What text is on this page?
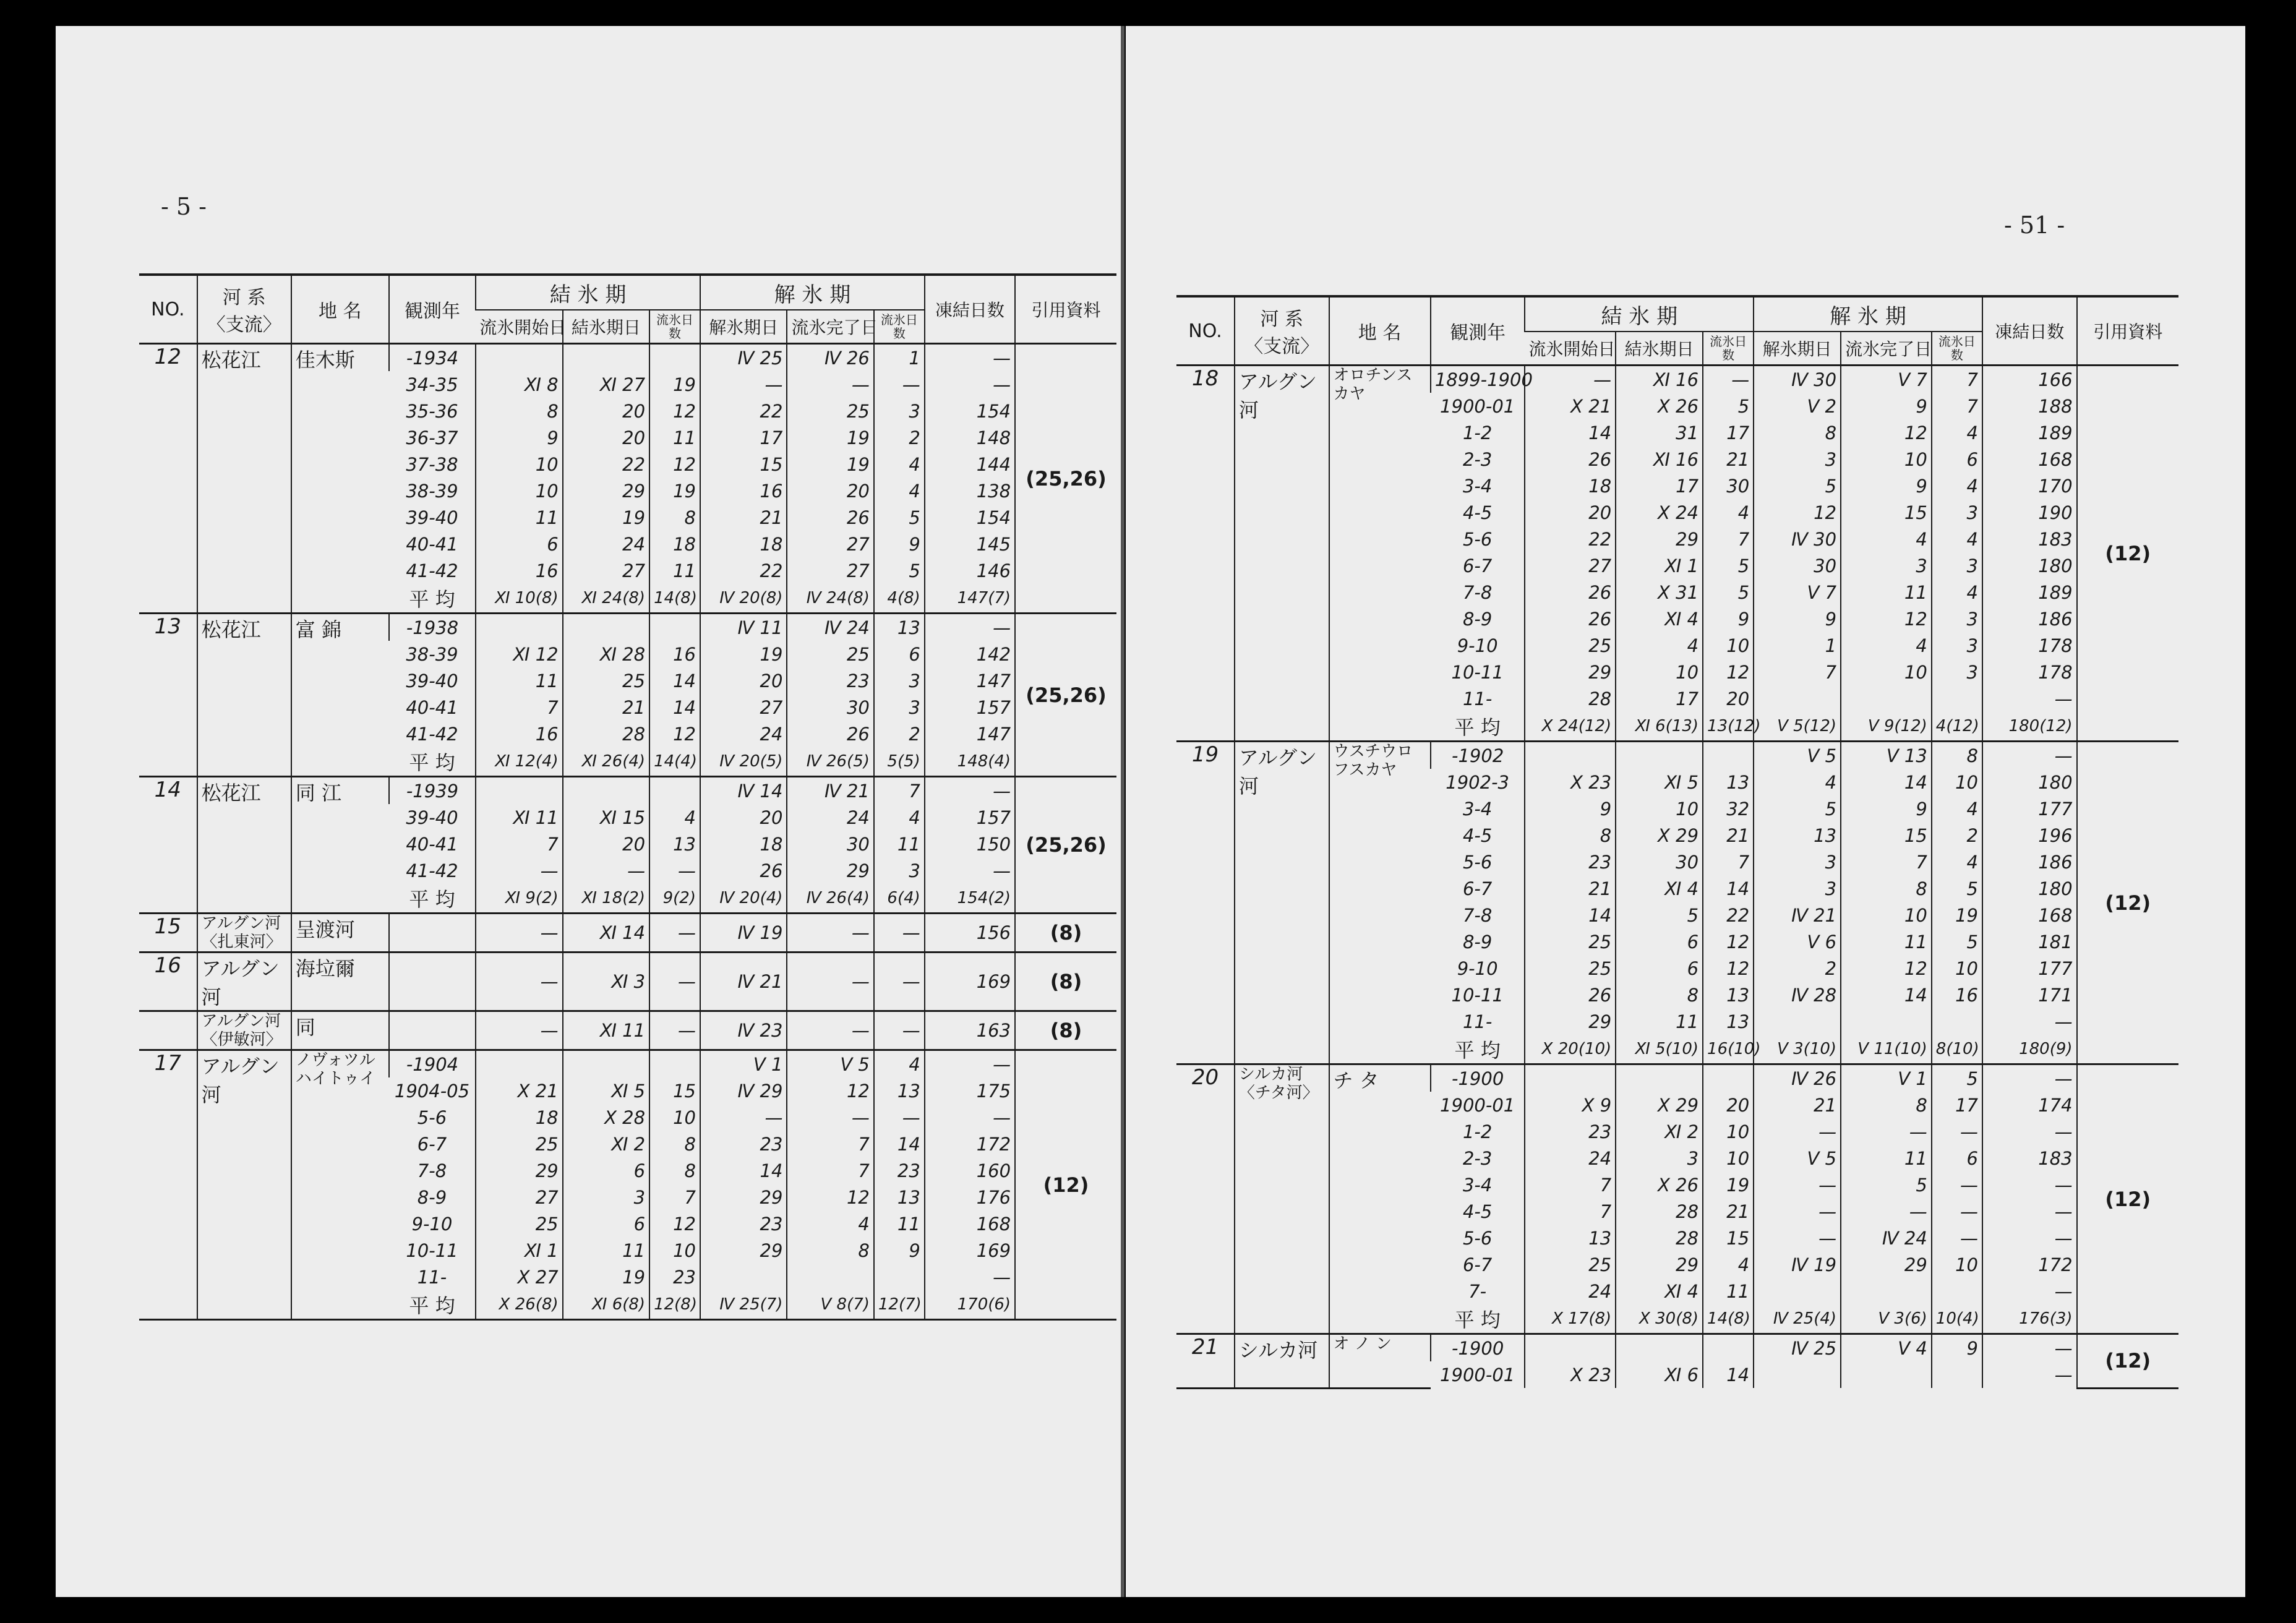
- 5 -
NO.	河 系
〈支流〉	地 名	観測年	結 氷 期			解 氷 期			凍結日数	引用資料
				流氷開始日	結氷期日	流氷日数	解氷期日	流氷完了日	流氷日数		
12	松花江	佳木斯	-1934				Ⅳ 25	Ⅳ 26	1	—	(25,26)
			34-35	Ⅺ 8	Ⅺ 27	19	—	—	—	—	
			35-36	8	20	12	22	25	3	154	
			36-37	9	20	11	17	19	2	148	
			37-38	10	22	12	15	19	4	144	
			38-39	10	29	19	16	20	4	138	
			39-40	11	19	8	21	26	5	154	
			40-41	6	24	18	18	27	9	145	
			41-42	16	27	11	22	27	5	146	
			平 均	Ⅺ 10(8)	Ⅺ 24(8)	14(8)	Ⅳ 20(8)	Ⅳ 24(8)	4(8)	147(7)	
13	松花江	富 錦	-1938				Ⅳ 11	Ⅳ 24	13	—	(25,26)
			38-39	Ⅺ 12	Ⅺ 28	16	19	25	6	142	
			39-40	11	25	14	20	23	3	147	
			40-41	7	21	14	27	30	3	157	
			41-42	16	28	12	24	26	2	147	
			平 均	Ⅺ 12(4)	Ⅺ 26(4)	14(4)	Ⅳ 20(5)	Ⅳ 26(5)	5(5)	148(4)	
14	松花江	同 江	-1939				Ⅳ 14	Ⅳ 21	7	—	(25,26)
			39-40	Ⅺ 11	Ⅺ 15	4	20	24	4	157	
			40-41	7	20	13	18	30	11	150	
			41-42	—	—	—	26	29	3	—	
			平 均	Ⅺ 9(2)	Ⅺ 18(2)	9(2)	Ⅳ 20(4)	Ⅳ 26(4)	6(4)	154(2)	
15	アルグン河
〈扎東河〉	呈渡河		—	Ⅺ 14	—	Ⅳ 19	—	—	156	(8)
16	アルグン河	海垃爾		—	Ⅺ 3	—	Ⅳ 21	—	—	169	(8)
	アルグン河
〈伊敏河〉	同		—	Ⅺ 11	—	Ⅳ 23	—	—	163	(8)
17	アルグン河	ノヴォツルハイトゥイ	-1904				Ⅴ 1	Ⅴ 5	4	—	(12)
			1904-05	Ⅹ 21	Ⅺ 5	15	Ⅳ 29	12	13	175	
			5-6	18	Ⅹ 28	10	—	—	—	—	
			6-7	25	Ⅺ 2	8	23	7	14	172	
			7-8	29	6	8	14	7	23	160	
			8-9	27	3	7	29	12	13	176	
			9-10	25	6	12	23	4	11	168	
			10-11	Ⅺ 1	11	10	29	8	9	169	
			11-	Ⅹ 27	19	23				—	
			平 均	Ⅹ 26(8)	Ⅺ 6(8)	12(8)	Ⅳ 25(7)	Ⅴ 8(7)	12(7)	170(6)	
- 51 -
NO.	河 系
〈支流〉	地 名	観測年	結 氷 期			解 氷 期			凍結日数	引用資料
				流氷開始日	結氷期日	流氷日数	解氷期日	流氷完了日	流氷日数		
18	アルグン河	オロチンスカヤ	1899-1900	—	Ⅺ 16	—	Ⅳ 30	Ⅴ 7	7	166	(12)
			1900-01	Ⅹ 21	Ⅹ 26	5	Ⅴ 2	9	7	188	
			1-2	14	31	17	8	12	4	189	
			2-3	26	Ⅺ 16	21	3	10	6	168	
			3-4	18	17	30	5	9	4	170	
			4-5	20	Ⅹ 24	4	12	15	3	190	
			5-6	22	29	7	Ⅳ 30	4	4	183	
			6-7	27	Ⅺ 1	5	30	3	3	180	
			7-8	26	Ⅹ 31	5	Ⅴ 7	11	4	189	
			8-9	26	Ⅺ 4	9	9	12	3	186	
			9-10	25	4	10	1	4	3	178	
			10-11	29	10	12	7	10	3	178	
			11-	28	17	20				—	
			平 均	Ⅹ 24(12)	Ⅺ 6(13)	13(12)	Ⅴ 5(12)	Ⅴ 9(12)	4(12)	180(12)	
19	アルグン河	ウスチウロフスカヤ	-1902				Ⅴ 5	Ⅴ 13	8	—	(12)
			1902-3	Ⅹ 23	Ⅺ 5	13	4	14	10	180	
			3-4	9	10	32	5	9	4	177	
			4-5	8	Ⅹ 29	21	13	15	2	196	
			5-6	23	30	7	3	7	4	186	
			6-7	21	Ⅺ 4	14	3	8	5	180	
			7-8	14	5	22	Ⅳ 21	10	19	168	
			8-9	25	6	12	Ⅴ 6	11	5	181	
			9-10	25	6	12	2	12	10	177	
			10-11	26	8	13	Ⅳ 28	14	16	171	
			11-	29	11	13				—	
			平 均	Ⅹ 20(10)	Ⅺ 5(10)	16(10)	Ⅴ 3(10)	Ⅴ 11(10)	8(10)	180(9)	
20	シルカ河
〈チタ河〉	チ タ	-1900				Ⅳ 26	Ⅴ 1	5	—	(12)
			1900-01	Ⅹ 9	Ⅹ 29	20	21	8	17	174	
			1-2	23	Ⅺ 2	10	—	—	—	—	
			2-3	24	3	10	Ⅴ 5	11	6	183	
			3-4	7	Ⅹ 26	19	—	5	—	—	
			4-5	7	28	21	—	—	—	—	
			5-6	13	28	15	—	Ⅳ 24	—	—	
			6-7	25	29	4	Ⅳ 19	29	10	172	
			7-	24	Ⅺ 4	11				—	
			平 均	Ⅹ 17(8)	Ⅹ 30(8)	14(8)	Ⅳ 25(4)	Ⅴ 3(6)	10(4)	176(3)	
21	シルカ河	オ ノ ン	-1900				Ⅳ 25	Ⅴ 4	9	—	(12)
			1900-01	Ⅹ 23	Ⅺ 6	14				—	
